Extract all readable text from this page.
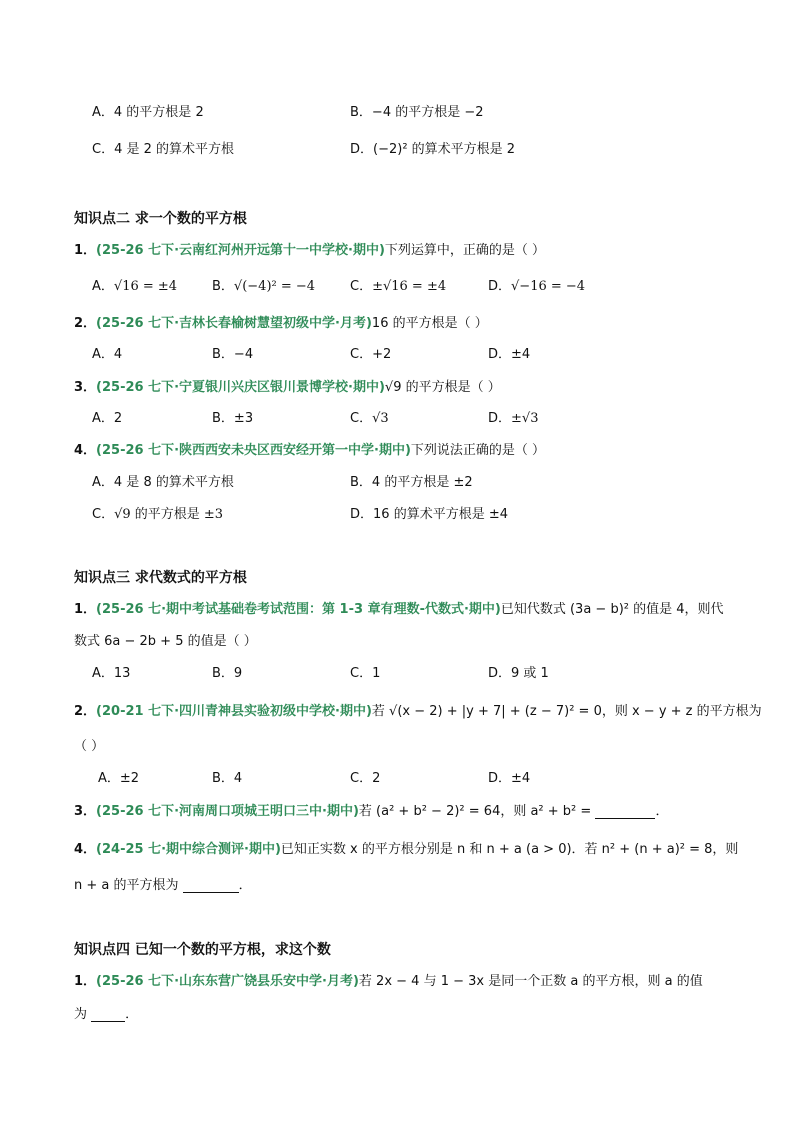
A．4 的平方根是 2	B．−4 的平方根是 −2
C．4 是 2 的算术平方根	D．(−2)² 的算术平方根是 2
知识点二 求一个数的平方根
1．(25-26 七下·云南红河州开远第十一中学校·期中)下列运算中，正确的是（ ）
A．√16 = ±4	B．√(−4)² = −4	C．±√16 = ±4	D．√−16 = −4
2．(25-26 七下·吉林长春榆树慧望初级中学·月考)16 的平方根是（ ）
A．4	B．−4	C．+2	D．±4
3．(25-26 七下·宁夏银川兴庆区银川景博学校·期中)√9 的平方根是（ ）
A．2	B．±3	C．√3	D．±√3
4．(25-26 七下·陕西西安未央区西安经开第一中学·期中)下列说法正确的是（ ）
A．4 是 8 的算术平方根	B．4 的平方根是 ±2
C．√9 的平方根是 ±3	D．16 的算术平方根是 ±4
知识点三 求代数式的平方根
1．(25-26 七·期中考试基础卷考试范围：第 1-3 章有理数-代数式·期中)已知代数式 (3a − b)² 的值是 4，则代
数式 6a − 2b + 5 的值是（ ）
A．13	B．9	C．1	D．9 或 1
2．(20-21 七下·四川青神县实验初级中学校·期中)若 √(x − 2) + |y + 7| + (z − 7)² = 0，则 x − y + z 的平方根为
（ ）
A．±2	B．4	C．2	D．±4
3．(25-26 七下·河南周口项城王明口三中·期中)若 (a² + b² − 2)² = 64，则 a² + b² =	．
4．(24-25 七·期中综合测评·期中)已知正实数 x 的平方根分别是 n 和 n + a (a > 0)．若 n² + (n + a)² = 8，则
n + a 的平方根为	．
知识点四 已知一个数的平方根，求这个数
1．(25-26 七下·山东东营广饶县乐安中学·月考)若 2x − 4 与 1 − 3x 是同一个正数 a 的平方根，则 a 的值
为	．
